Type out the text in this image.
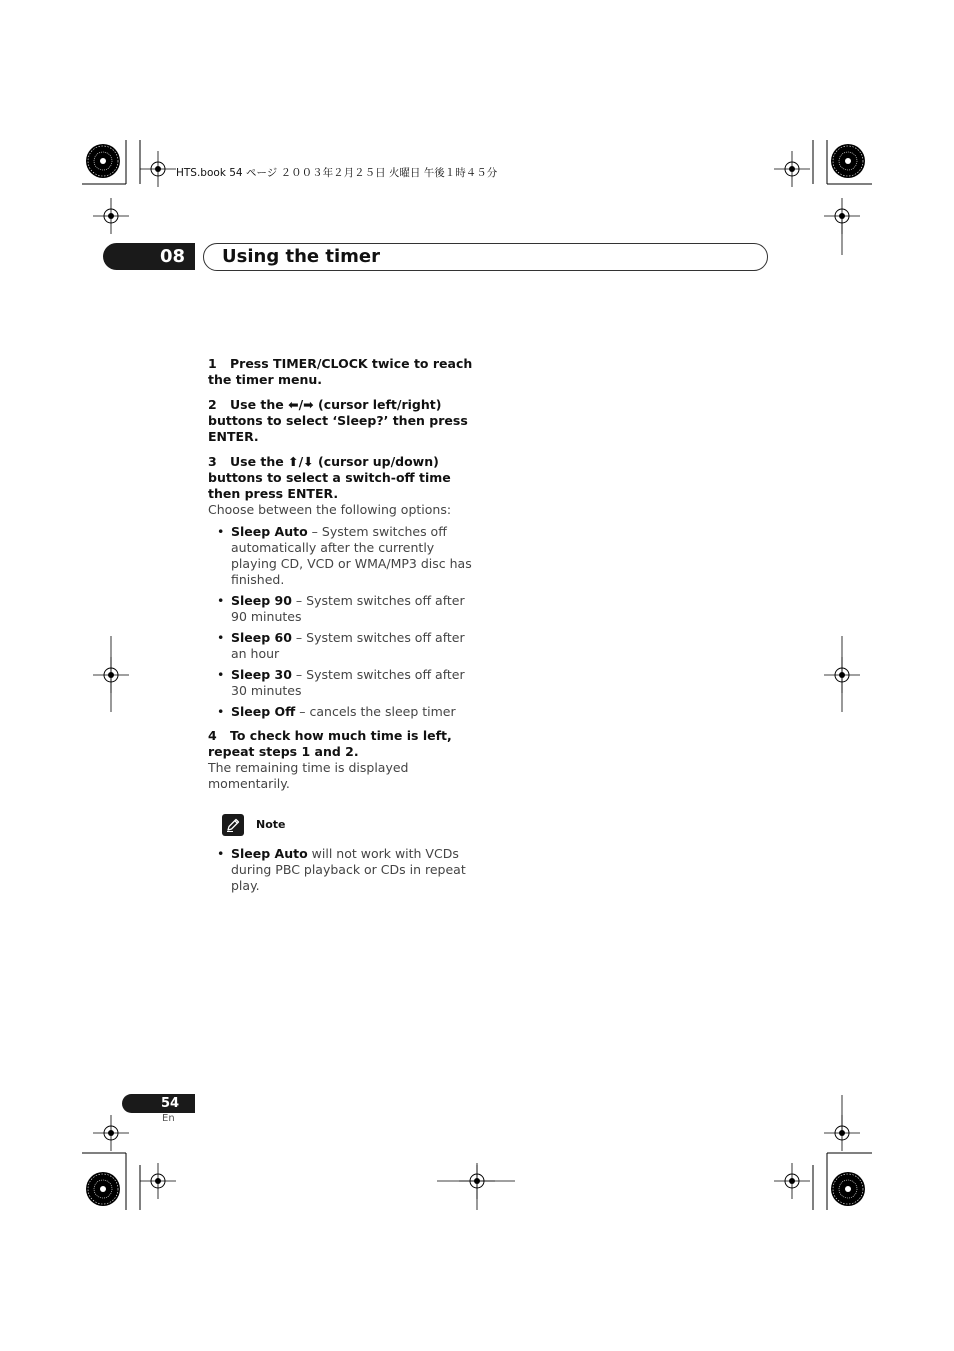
HTS.book 54 ページ ２００３年２月２５日 火曜日 午後１時４５分
08	Using the timer
1 Press TIMER/CLOCK twice to reach the timer menu.
2 Use the ⬅/➡ (cursor left/right) buttons to select ‘Sleep?’ then press ENTER.
3 Use the ⬆/⬇ (cursor up/down) buttons to select a switch-off time then press ENTER.
Choose between the following options:
• Sleep Auto – System switches off automatically after the currently playing CD, VCD or WMA/MP3 disc has finished.
• Sleep 90 – System switches off after 90 minutes
• Sleep 60 – System switches off after an hour
• Sleep 30 – System switches off after 30 minutes
• Sleep Off – cancels the sleep timer
4 To check how much time is left, repeat steps 1 and 2.
The remaining time is displayed momentarily.
Note
• Sleep Auto will not work with VCDs during PBC playback or CDs in repeat play.
54
En
